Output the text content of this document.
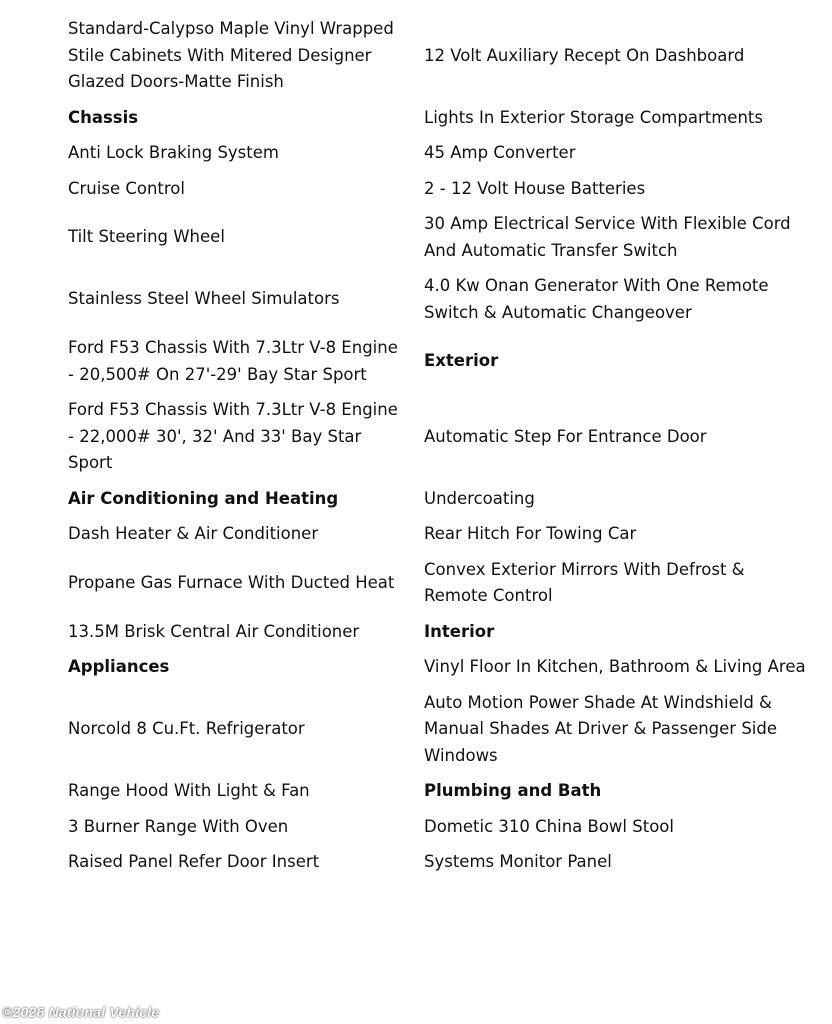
Standard-Calypso Maple Vinyl Wrapped Stile Cabinets With Mitered Designer Glazed Doors-Matte Finish	12 Volt Auxiliary Recept On Dashboard
Chassis	Lights In Exterior Storage Compartments
Anti Lock Braking System	45 Amp Converter
Cruise Control	2 - 12 Volt House Batteries
Tilt Steering Wheel	30 Amp Electrical Service With Flexible Cord And Automatic Transfer Switch
Stainless Steel Wheel Simulators	4.0 Kw Onan Generator With One Remote Switch & Automatic Changeover
Ford F53 Chassis With 7.3Ltr V-8 Engine - 20,500# On 27'-29' Bay Star Sport	Exterior
Ford F53 Chassis With 7.3Ltr V-8 Engine - 22,000# 30', 32' And 33' Bay Star Sport	Automatic Step For Entrance Door
Air Conditioning and Heating	Undercoating
Dash Heater & Air Conditioner	Rear Hitch For Towing Car
Propane Gas Furnace With Ducted Heat	Convex Exterior Mirrors With Defrost & Remote Control
13.5M Brisk Central Air Conditioner	Interior
Appliances	Vinyl Floor In Kitchen, Bathroom & Living Area
Norcold 8 Cu.Ft. Refrigerator	Auto Motion Power Shade At Windshield & Manual Shades At Driver & Passenger Side Windows
Range Hood With Light & Fan	Plumbing and Bath
3 Burner Range With Oven	Dometic 310 China Bowl Stool
Raised Panel Refer Door Insert	Systems Monitor Panel
©2026 National Vehicle
